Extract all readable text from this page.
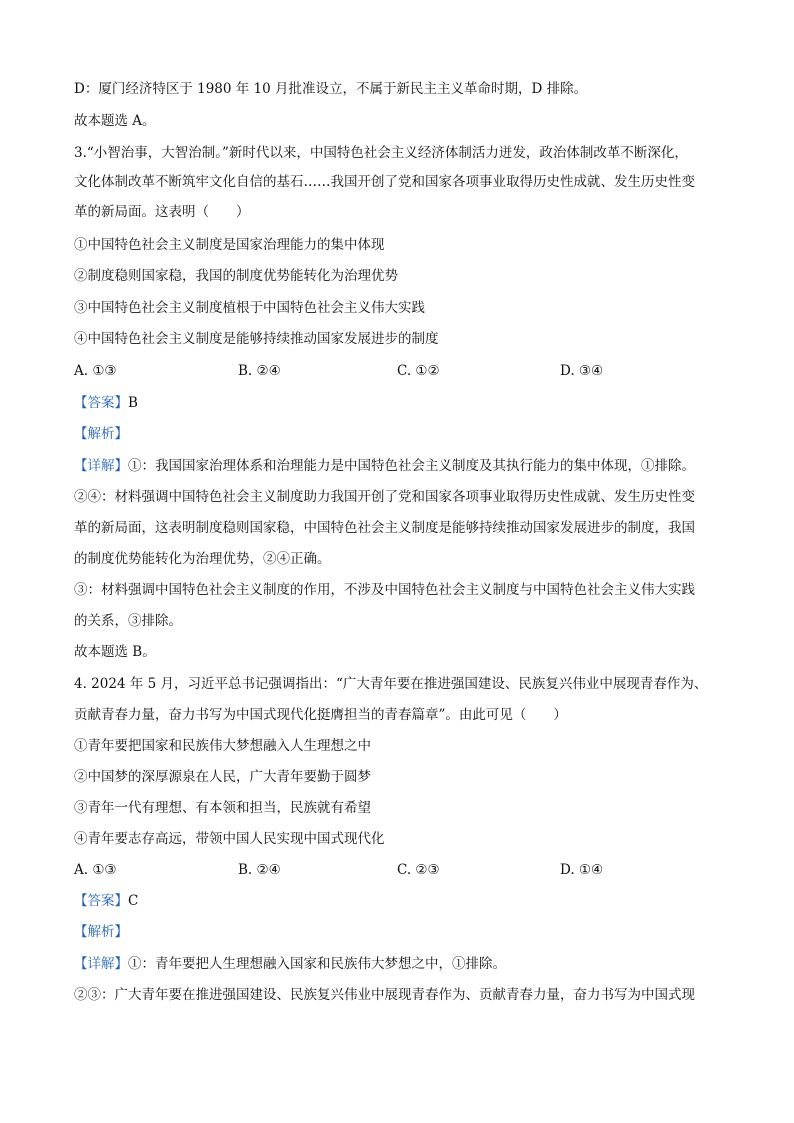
D：厦门经济特区于 1980 年 10 月批准设立，不属于新民主主义革命时期，D 排除。
故本题选 A。
3.“小智治事，大智治制。”新时代以来，中国特色社会主义经济体制活力迸发，政治体制改革不断深化，
文化体制改革不断筑牢文化自信的基石……我国开创了党和国家各项事业取得历史性成就、发生历史性变
革的新局面。这表明（　　）
①中国特色社会主义制度是国家治理能力的集中体现
②制度稳则国家稳，我国的制度优势能转化为治理优势
③中国特色社会主义制度植根于中国特色社会主义伟大实践
④中国特色社会主义制度是能够持续推动国家发展进步的制度
A. ①③	B. ②④	C. ①②	D. ③④
【答案】B
【解析】
【详解】①：我国国家治理体系和治理能力是中国特色社会主义制度及其执行能力的集中体现，①排除。
②④：材料强调中国特色社会主义制度助力我国开创了党和国家各项事业取得历史性成就、发生历史性变
革的新局面，这表明制度稳则国家稳，中国特色社会主义制度是能够持续推动国家发展进步的制度，我国
的制度优势能转化为治理优势，②④正确。
③：材料强调中国特色社会主义制度的作用，不涉及中国特色社会主义制度与中国特色社会主义伟大实践
的关系，③排除。
故本题选 B。
4. 2024 年 5 月，习近平总书记强调指出：“广大青年要在推进强国建设、民族复兴伟业中展现青春作为、
贡献青春力量，奋力书写为中国式现代化挺膺担当的青春篇章”。由此可见（　　）
①青年要把国家和民族伟大梦想融入人生理想之中
②中国梦的深厚源泉在人民，广大青年要勤于圆梦
③青年一代有理想、有本领和担当，民族就有希望
④青年要志存高远，带领中国人民实现中国式现代化
A. ①③	B. ②④	C. ②③	D. ①④
【答案】C
【解析】
【详解】①：青年要把人生理想融入国家和民族伟大梦想之中，①排除。
②③：广大青年要在推进强国建设、民族复兴伟业中展现青春作为、贡献青春力量，奋力书写为中国式现
